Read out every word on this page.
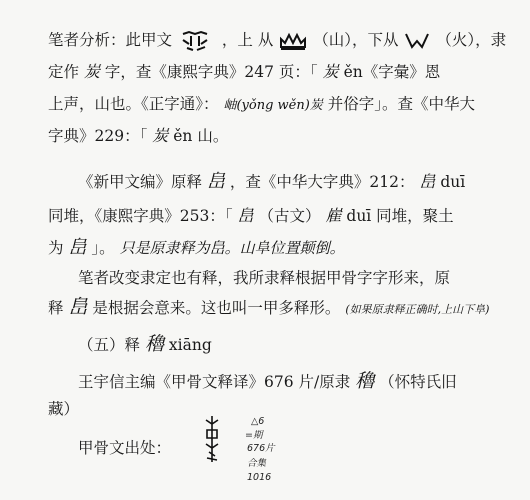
笔者分析：此甲文	，上 从	（山），下从 （火），隶
定作 炭 字，查《康熙字典》247 页：「 炭 ěn《字彙》恩
上声，山也。《正字通》： 岫(yǒng wěn)炭 并俗字」。查《中华大
字典》229：「 炭 ěn 山。
《新甲文编》原释 峊 ，查《中华大字典》212： 峊 duī
同堆，《康熙字典》253：「 峊 （古文） 嵟 duī 同堆，聚土
为 峊 」。 只是原隶释为峊。山阜位置颠倒。
笔者改变隶定也有释，我所隶释根据甲骨字字形来，原
释 峊 是根据会意来。这也叫一甲多释形。 (如果原隶释正确时,上山下阜)
（五）释 穭 xiāng
王宇信主编《甲骨文释译》676 片/原隶 穭 （怀特氏旧
藏）
甲骨文出处：
△6
=期
676片
合集
1016
